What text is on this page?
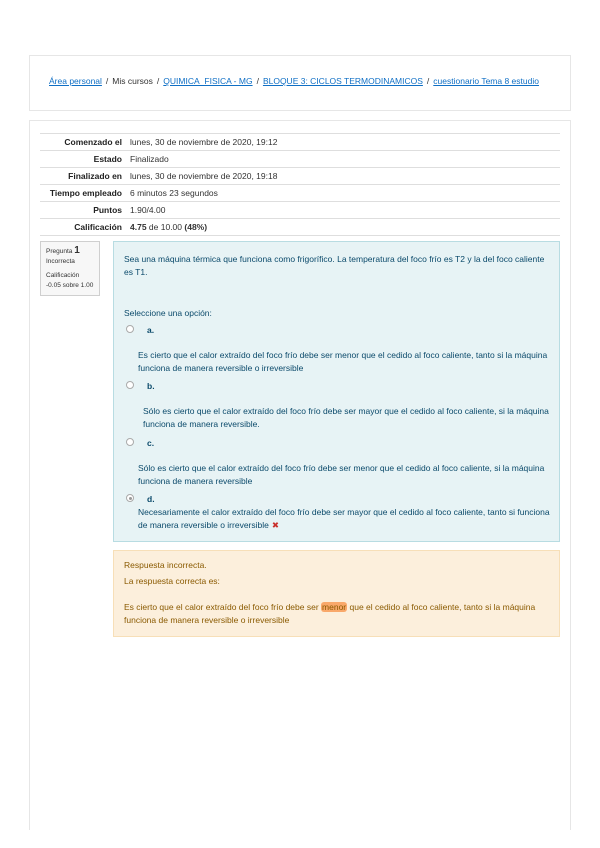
Área personal / Mis cursos / QUIMICA_FISICA - MG / BLOQUE 3: CICLOS TERMODINAMICOS / cuestionario Tema 8 estudio
Comenzado el	lunes, 30 de noviembre de 2020, 19:12
Estado	Finalizado
Finalizado en	lunes, 30 de noviembre de 2020, 19:18
Tiempo empleado	6 minutos 23 segundos
Puntos	1.90/4.00
Calificación	4.75 de 10.00 (48%)
Pregunta 1
Incorrecta
Calificación -0.05 sobre 1.00
Sea una máquina térmica que funciona como frigorífico. La temperatura del foco frío es T2 y la del foco caliente es T1.
Seleccione una opción:
a.
Es cierto que el calor extraído del foco frío debe ser menor que el cedido al foco caliente, tanto si la máquina funciona de manera reversible o irreversible
b.
Sólo es cierto que el calor extraído del foco frío debe ser mayor que el cedido al foco caliente, si la máquina funciona de manera reversible.
c.
Sólo es cierto que el calor extraído del foco frío debe ser menor que el cedido al foco caliente, si la máquina funciona de manera reversible
d.
Necesariamente el calor extraído del foco frío debe ser mayor que el cedido al foco caliente, tanto si funciona de manera reversible o irreversible ✖
Respuesta incorrecta.
La respuesta correcta es:
Es cierto que el calor extraído del foco frío debe ser menor que el cedido al foco caliente, tanto si la máquina funciona de manera reversible o irreversible
